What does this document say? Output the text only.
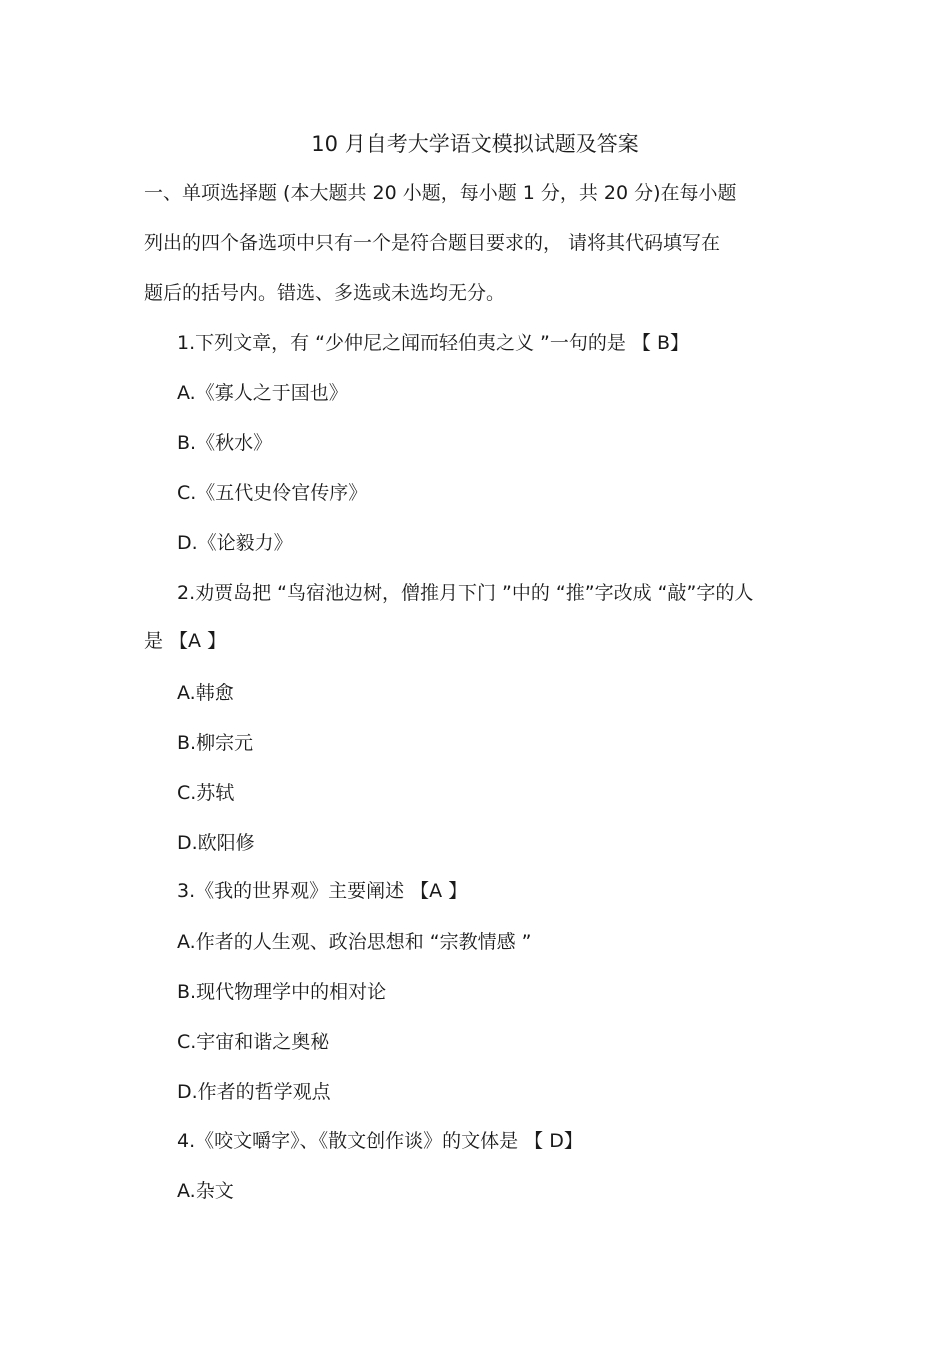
10 月自考大学语文模拟试题及答案
一、单项选择题 (本大题共 20 小题，每小题 1 分，共 20 分)在每小题
列出的四个备选项中只有一个是符合题目要求的， 请将其代码填写在
题后的括号内。错选、多选或未选均无分。
1.下列文章，有 “少仲尼之闻而轻伯夷之义 ”一句的是 【 B】
A.《寡人之于国也》
B.《秋水》
C.《五代史伶官传序》
D.《论毅力》
2.劝贾岛把 “鸟宿池边树，僧推月下门 ”中的 “推”字改成 “敲”字的人
是 【A 】
A.韩愈
B.柳宗元
C.苏轼
D.欧阳修
3.《我的世界观》主要阐述 【A 】
A.作者的人生观、政治思想和 “宗教情感 ”
B.现代物理学中的相对论
C.宇宙和谐之奥秘
D.作者的哲学观点
4.《咬文嚼字》、《散文创作谈》的文体是 【 D】
A.杂文
